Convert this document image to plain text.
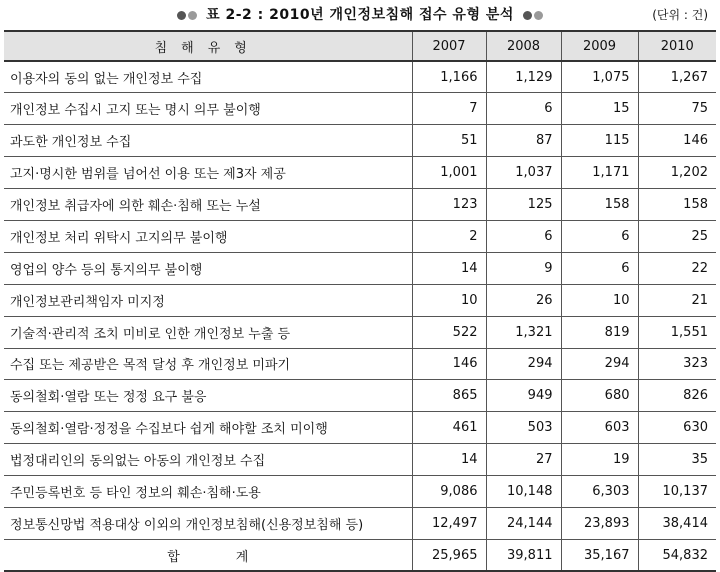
표 2-2 : 2010년 개인정보침해 접수 유형 분석	(단위 : 건)
침해유형	2007	2008	2009	2010
이용자의 동의 없는 개인정보 수집	1,166	1,129	1,075	1,267
개인정보 수집시 고지 또는 명시 의무 불이행	7	6	15	75
과도한 개인정보 수집	51	87	115	146
고지·명시한 범위를 넘어선 이용 또는 제3자 제공	1,001	1,037	1,171	1,202
개인정보 취급자에 의한 훼손·침해 또는 누설	123	125	158	158
개인정보 처리 위탁시 고지의무 불이행	2	6	6	25
영업의 양수 등의 통지의무 불이행	14	9	6	22
개인정보관리책임자 미지정	10	26	10	21
기술적·관리적 조치 미비로 인한 개인정보 누출 등	522	1,321	819	1,551
수집 또는 제공받은 목적 달성 후 개인정보 미파기	146	294	294	323
동의철회·열람 또는 정정 요구 불응	865	949	680	826
동의철회·열람·정정을 수집보다 쉽게 해야할 조치 미이행	461	503	603	630
법정대리인의 동의없는 아동의 개인정보 수집	14	27	19	35
주민등록번호 등 타인 정보의 훼손·침해·도용	9,086	10,148	6,303	10,137
정보통신망법 적용대상 이외의 개인정보침해(신용정보침해 등)	12,497	24,144	23,893	38,414
합계	25,965	39,811	35,167	54,832
